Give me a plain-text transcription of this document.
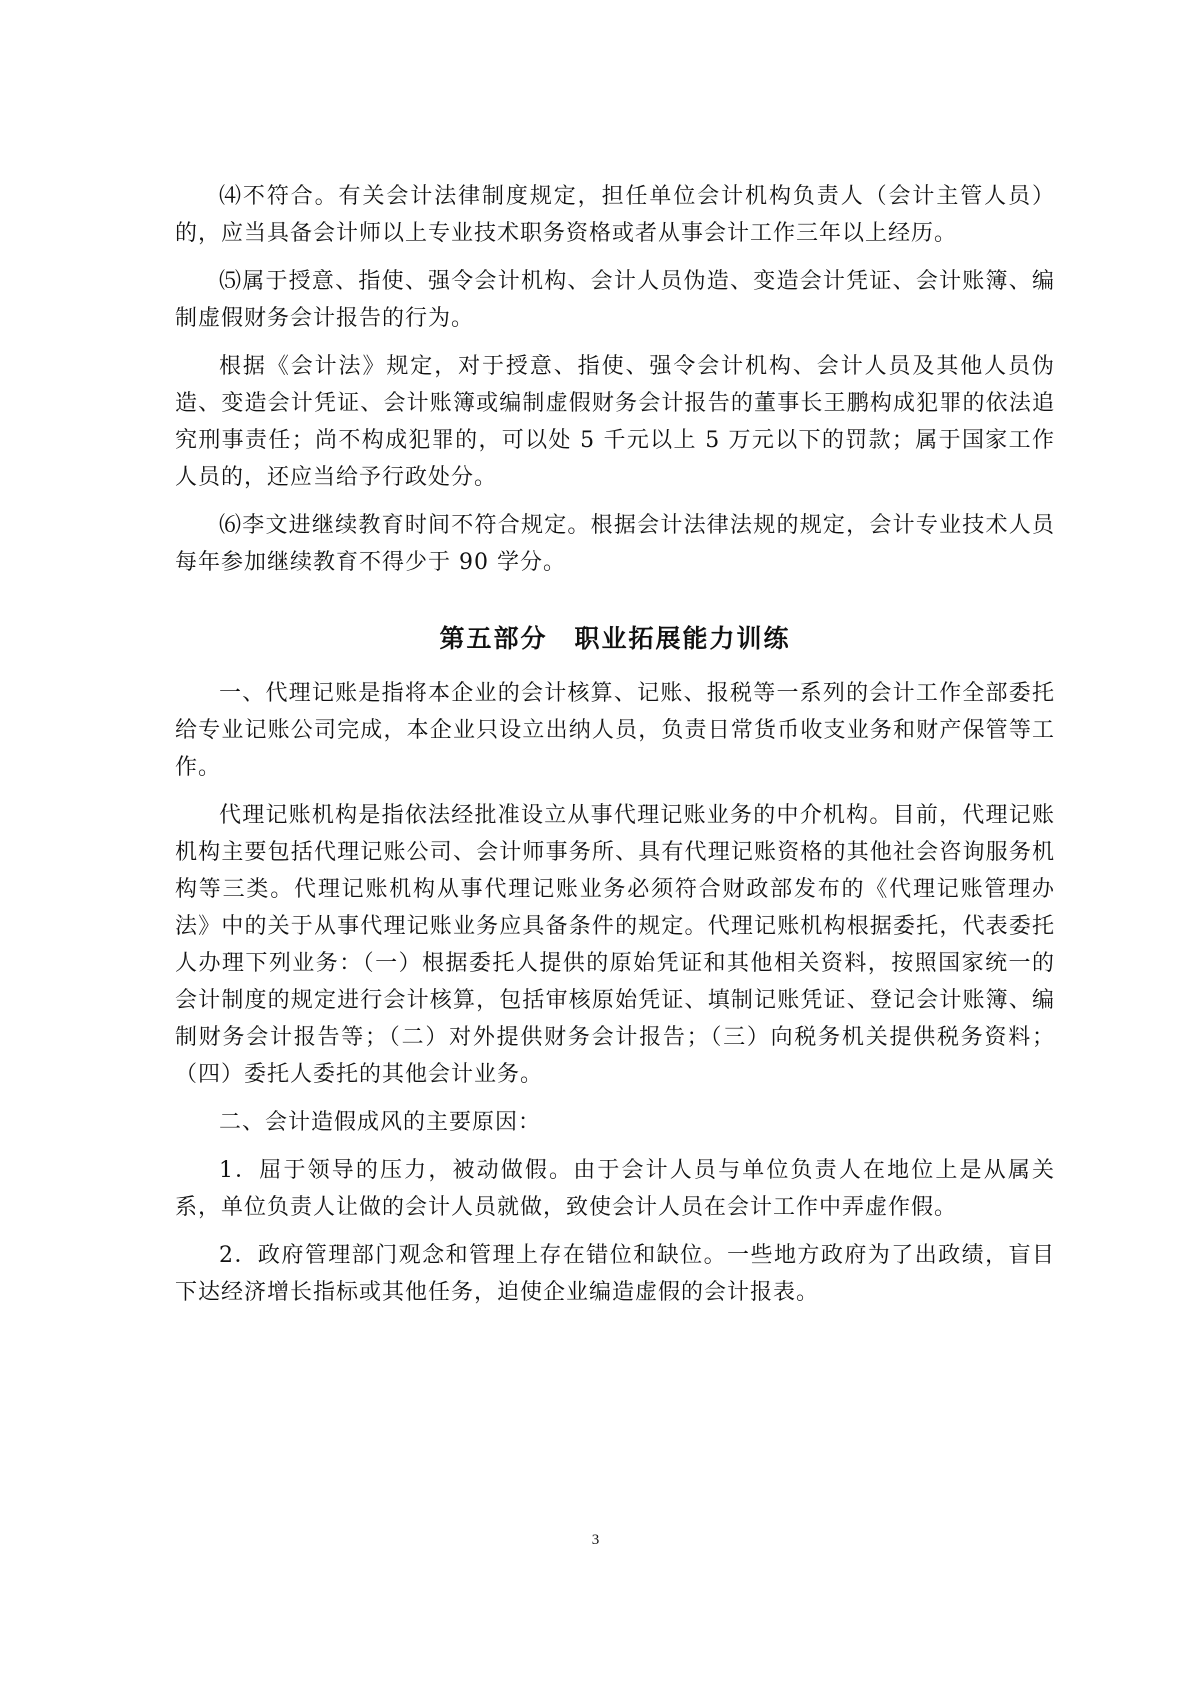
⑷不符合。有关会计法律制度规定，担任单位会计机构负责人（会计主管人员）的，应当具备会计师以上专业技术职务资格或者从事会计工作三年以上经历。

⑸属于授意、指使、强令会计机构、会计人员伪造、变造会计凭证、会计账簿、编制虚假财务会计报告的行为。

根据《会计法》规定，对于授意、指使、强令会计机构、会计人员及其他人员伪造、变造会计凭证、会计账簿或编制虚假财务会计报告的董事长王鹏构成犯罪的依法追究刑事责任；尚不构成犯罪的，可以处 5 千元以上 5 万元以下的罚款；属于国家工作人员的，还应当给予行政处分。

⑹李文进继续教育时间不符合规定。根据会计法律法规的规定，会计专业技术人员每年参加继续教育不得少于 90 学分。

第五部分　职业拓展能力训练

一、代理记账是指将本企业的会计核算、记账、报税等一系列的会计工作全部委托给专业记账公司完成，本企业只设立出纳人员，负责日常货币收支业务和财产保管等工作。

代理记账机构是指依法经批准设立从事代理记账业务的中介机构。目前，代理记账机构主要包括代理记账公司、会计师事务所、具有代理记账资格的其他社会咨询服务机构等三类。代理记账机构从事代理记账业务必须符合财政部发布的《代理记账管理办法》中的关于从事代理记账业务应具备条件的规定。代理记账机构根据委托，代表委托人办理下列业务：（一）根据委托人提供的原始凭证和其他相关资料，按照国家统一的会计制度的规定进行会计核算，包括审核原始凭证、填制记账凭证、登记会计账簿、编制财务会计报告等；（二）对外提供财务会计报告；（三）向税务机关提供税务资料；（四）委托人委托的其他会计业务。

二、会计造假成风的主要原因：

1．屈于领导的压力，被动做假。由于会计人员与单位负责人在地位上是从属关系，单位负责人让做的会计人员就做，致使会计人员在会计工作中弄虚作假。

2．政府管理部门观念和管理上存在错位和缺位。一些地方政府为了出政绩，盲目下达经济增长指标或其他任务，迫使企业编造虚假的会计报表。

3
